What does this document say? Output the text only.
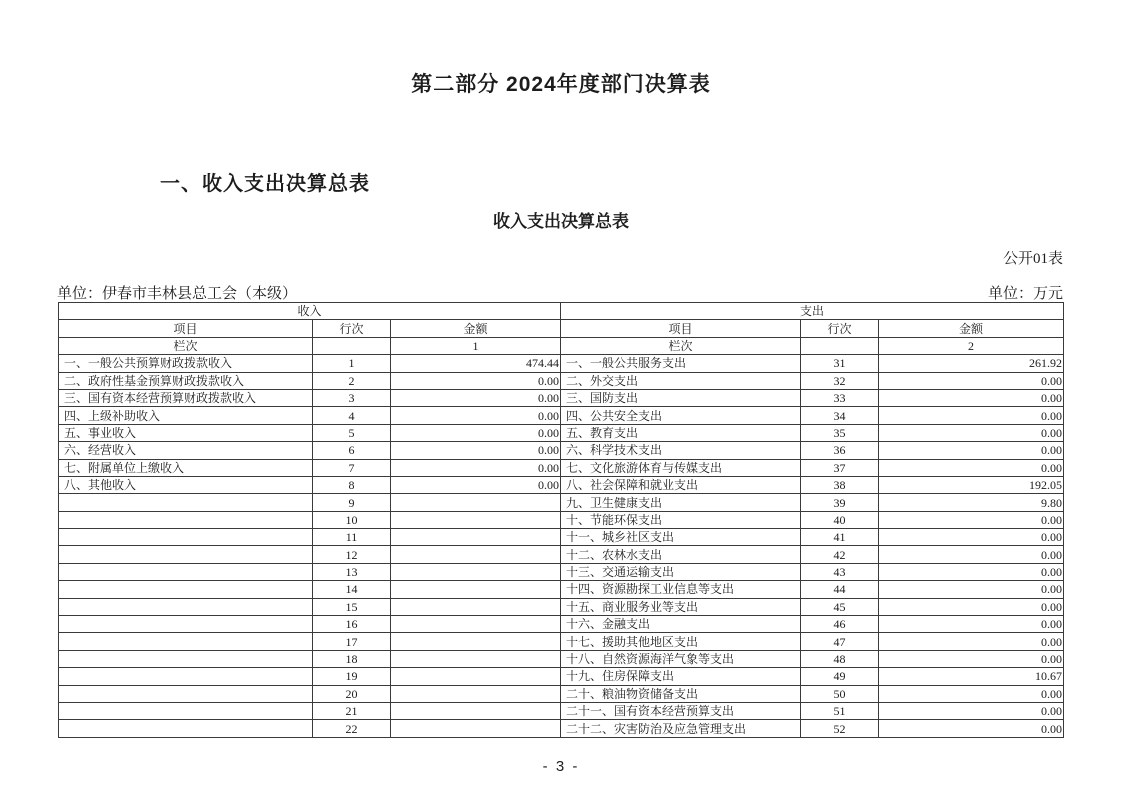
第二部分 2024年度部门决算表
一、收入支出决算总表
收入支出决算总表
公开01表
单位：伊春市丰林县总工会（本级）	单位：万元
收入			支出		
项目	行次	金额	项目	行次	金额
栏次		1	栏次		2
一、一般公共预算财政拨款收入	1	474.44	一、一般公共服务支出	31	261.92
二、政府性基金预算财政拨款收入	2	0.00	二、外交支出	32	0.00
三、国有资本经营预算财政拨款收入	3	0.00	三、国防支出	33	0.00
四、上级补助收入	4	0.00	四、公共安全支出	34	0.00
五、事业收入	5	0.00	五、教育支出	35	0.00
六、经营收入	6	0.00	六、科学技术支出	36	0.00
七、附属单位上缴收入	7	0.00	七、文化旅游体育与传媒支出	37	0.00
八、其他收入	8	0.00	八、社会保障和就业支出	38	192.05
	9		九、卫生健康支出	39	9.80
	10		十、节能环保支出	40	0.00
	11		十一、城乡社区支出	41	0.00
	12		十二、农林水支出	42	0.00
	13		十三、交通运输支出	43	0.00
	14		十四、资源勘探工业信息等支出	44	0.00
	15		十五、商业服务业等支出	45	0.00
	16		十六、金融支出	46	0.00
	17		十七、援助其他地区支出	47	0.00
	18		十八、自然资源海洋气象等支出	48	0.00
	19		十九、住房保障支出	49	10.67
	20		二十、粮油物资储备支出	50	0.00
	21		二十一、国有资本经营预算支出	51	0.00
	22		二十二、灾害防治及应急管理支出	52	0.00
- 3 -
